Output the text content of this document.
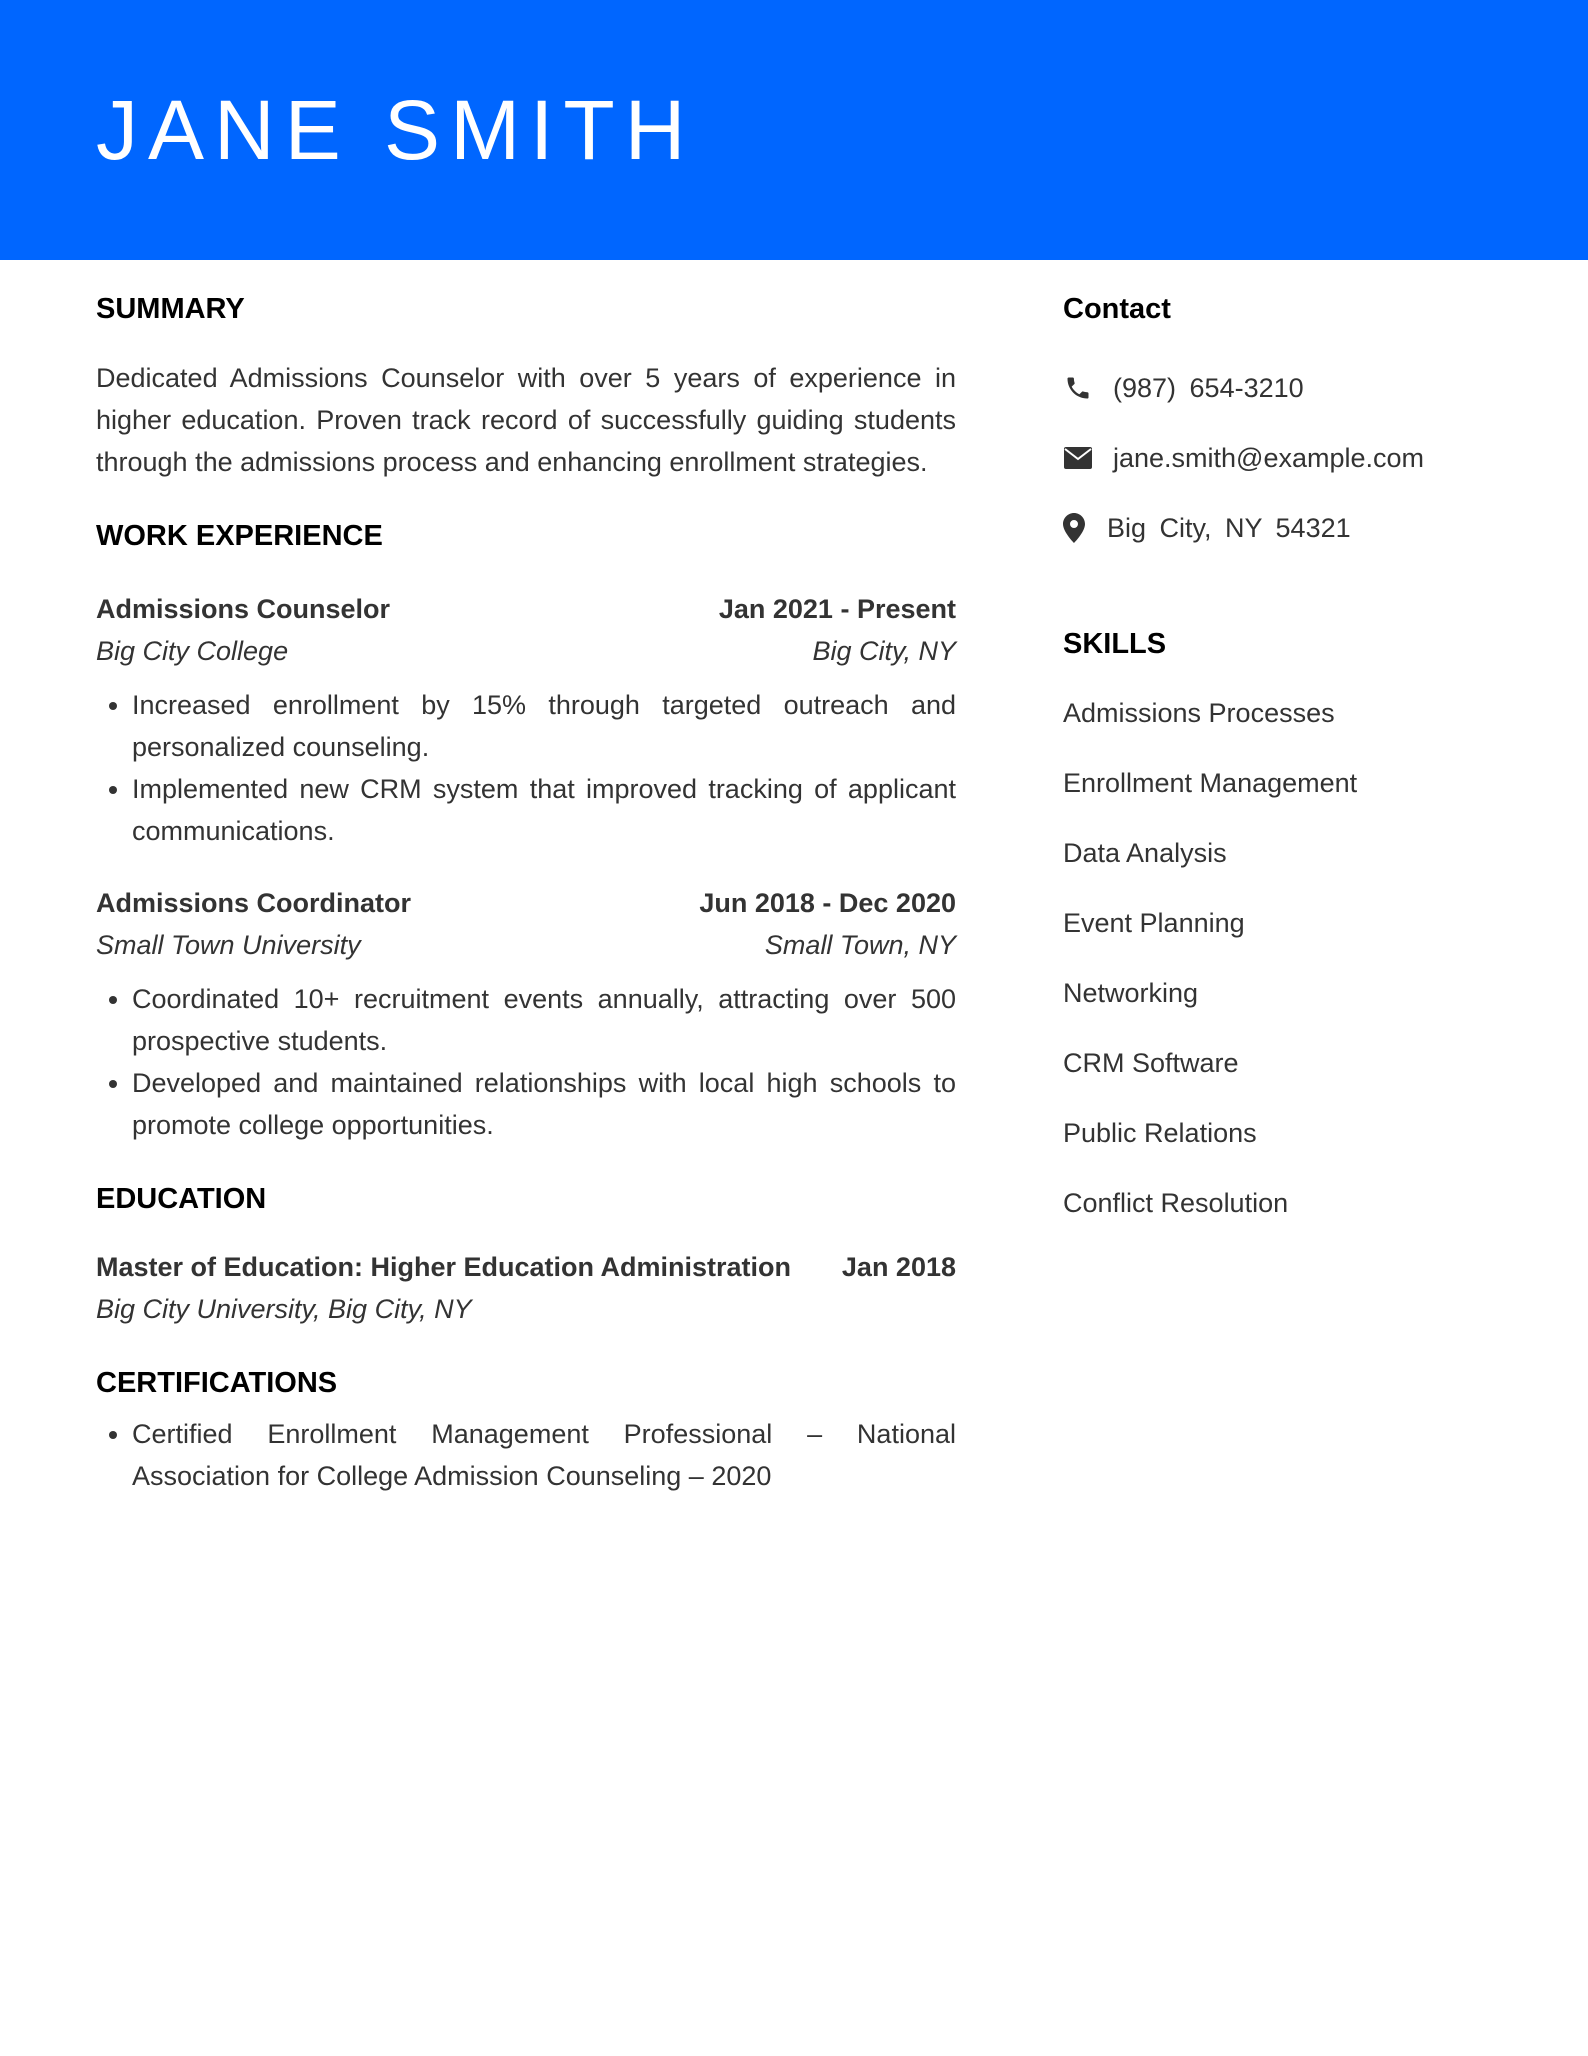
JANE SMITH
SUMMARY

Dedicated Admissions Counselor with over 5 years of experience in higher education. Proven track record of successfully guiding students through the admissions process and enhancing enrollment strategies.

WORK EXPERIENCE
Admissions Counselor	Jan 2021 - Present
Big City College	Big City, NY
• Increased enrollment by 15% through targeted outreach and personalized counseling.
• Implemented new CRM system that improved tracking of applicant communications.
Admissions Coordinator	Jun 2018 - Dec 2020
Small Town University	Small Town, NY
• Coordinated 10+ recruitment events annually, attracting over 500 prospective students.
• Developed and maintained relationships with local high schools to promote college opportunities.
EDUCATION
Master of Education: Higher Education Administration Jan 2018
Big City University, Big City, NY
CERTIFICATIONS
• Certified Enrollment Management Professional – National Association for College Admission Counseling – 2020
Contact
(987) 654-3210
jane.smith@example.com
Big City, NY 54321
SKILLS
Admissions Processes
Enrollment Management
Data Analysis
Event Planning
Networking
CRM Software
Public Relations
Conflict Resolution
